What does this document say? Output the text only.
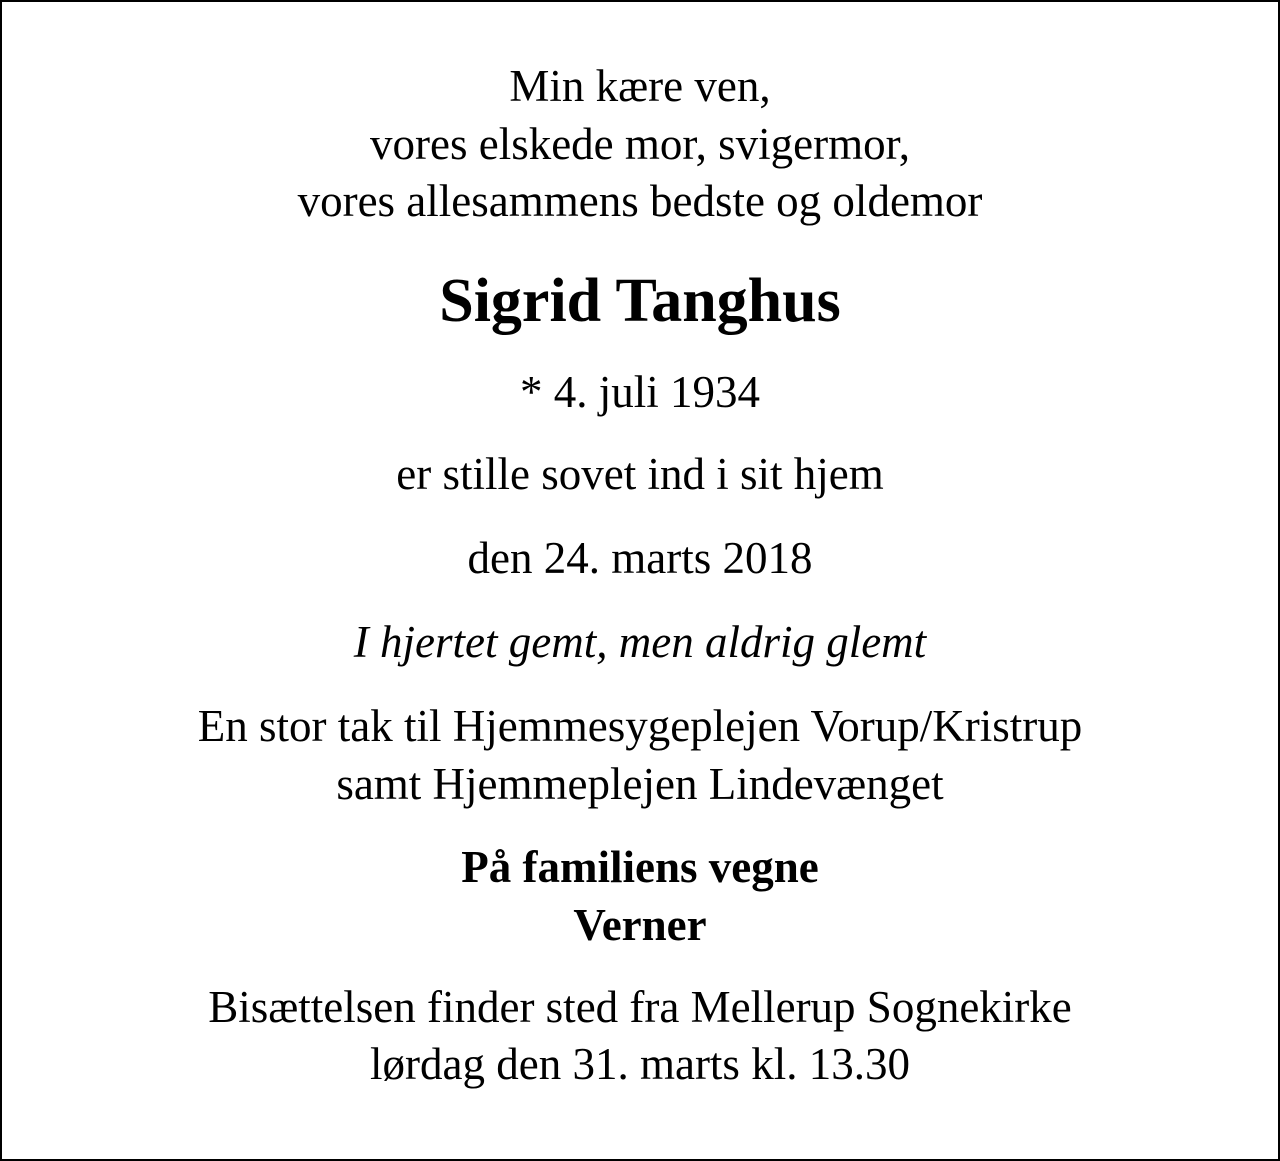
Min kære ven,

vores elskede mor, svigermor,

vores allesammens bedste og oldemor

Sigrid Tanghus

* 4. juli 1934

er stille sovet ind i sit hjem

den 24. marts 2018

I hjertet gemt, men aldrig glemt

En stor tak til Hjemmesygeplejen Vorup/Kristrup

samt Hjemmeplejen Lindevænget

På familiens vegne

Verner

Bisættelsen finder sted fra Mellerup Sognekirke

lørdag den 31. marts kl. 13.30
